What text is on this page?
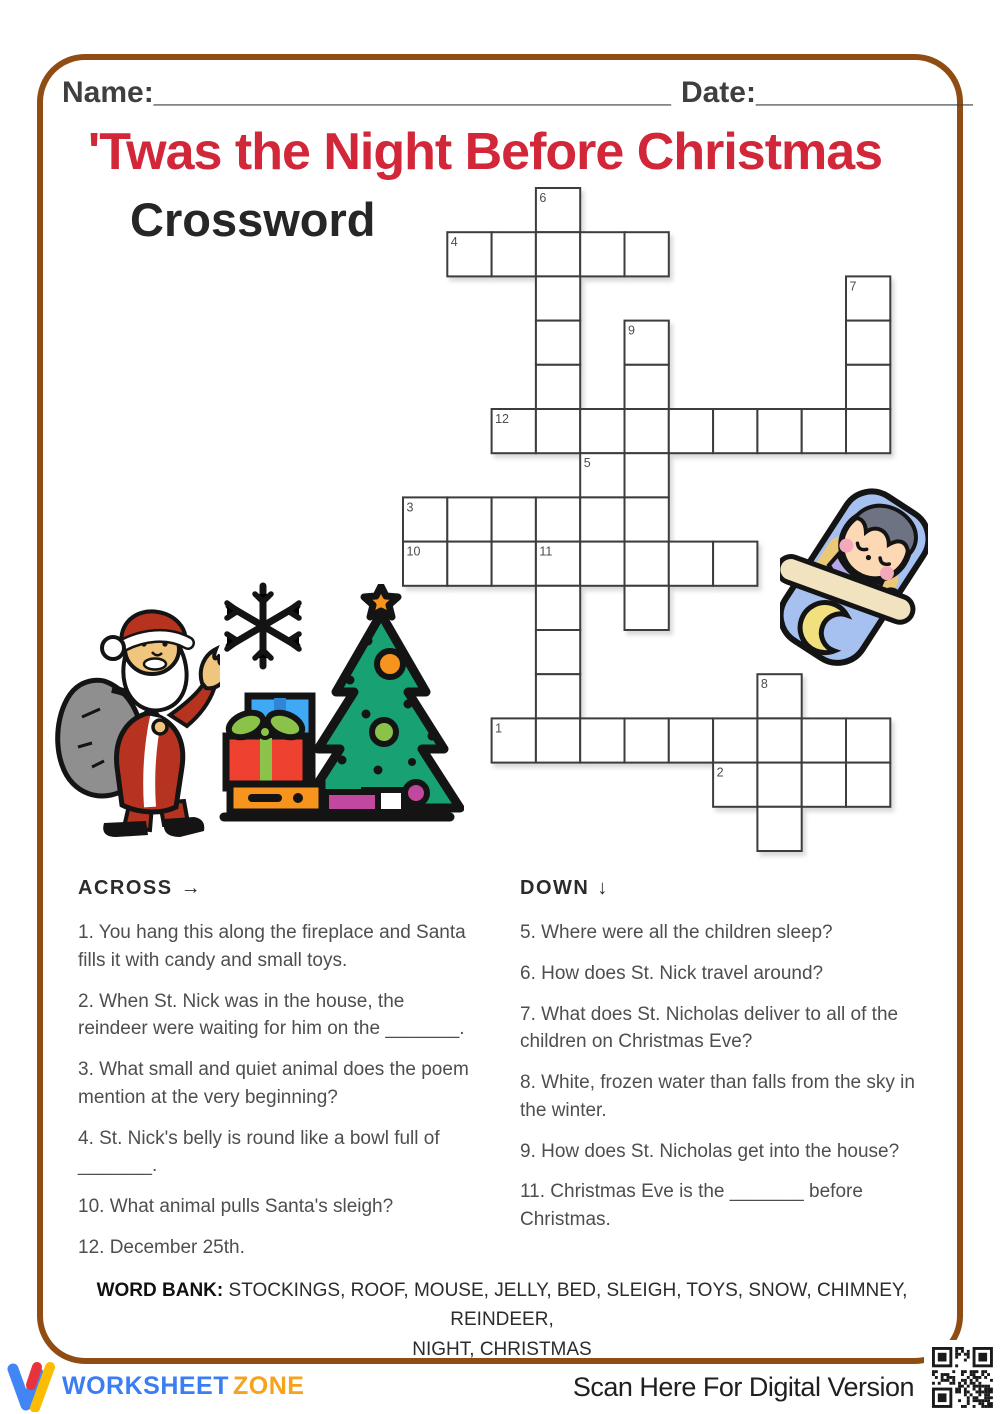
Name:_______________________________ Date:_____________
'Twas the Night Before Christmas
Crossword	6
4
7
9
12
5
3
10	11
8
1
2
ACROSS →
1. You hang this along the fireplace and Santa fills it with candy and small toys.
2. When St. Nick was in the house, the reindeer were waiting for him on the _______.
3. What small and quiet animal does the poem mention at the very beginning?
4. St. Nick's belly is round like a bowl full of _______.
10. What animal pulls Santa's sleigh?
12. December 25th.
DOWN ↓
5. Where were all the children sleep?
6. How does St. Nick travel around?
7. What does St. Nicholas deliver to all of the children on Christmas Eve?
8. White, frozen water than falls from the sky in the winter.
9. How does St. Nicholas get into the house?
11. Christmas Eve is the _______ before Christmas.
WORD BANK: STOCKINGS, ROOF, MOUSE, JELLY, BED, SLEIGH, TOYS, SNOW, CHIMNEY, REINDEER,
NIGHT, CHRISTMAS
WORKSHEET ZONE	Scan Here For Digital Version
